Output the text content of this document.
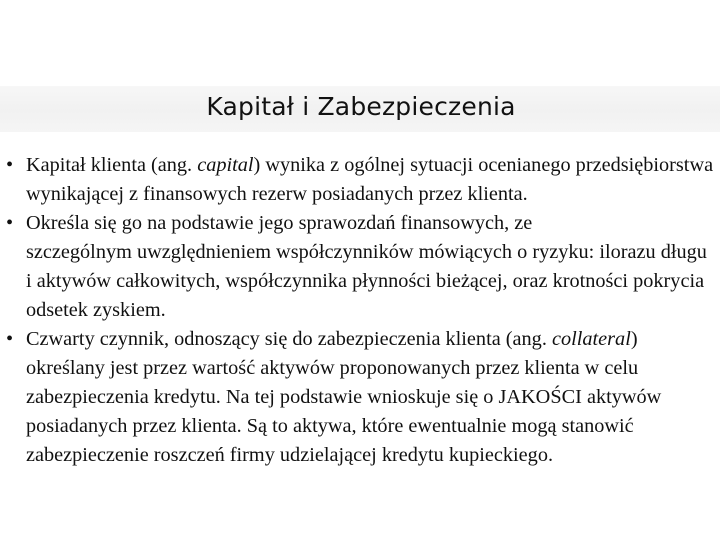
Kapitał i Zabezpieczenia

• Kapitał klienta (ang. capital) wynika z ogólnej sytuacji ocenianego przedsiębiorstwa wynikającej z finansowych rezerw posiadanych przez klienta.

• Określa się go na podstawie jego sprawozdań finansowych, ze
szczególnym uwzględnieniem współczynników mówiących o ryzyku: ilorazu długu i aktywów całkowitych, współczynnika płynności bieżącej, oraz krotności pokrycia odsetek zyskiem.

• Czwarty czynnik, odnoszący się do zabezpieczenia klienta (ang. collateral) określany jest przez wartość aktywów proponowanych przez klienta w celu zabezpieczenia kredytu. Na tej podstawie wnioskuje się o JAKOŚCI aktywów posiadanych przez klienta. Są to aktywa, które ewentualnie mogą stanowić zabezpieczenie roszczeń firmy udzielającej kredytu kupieckiego.
